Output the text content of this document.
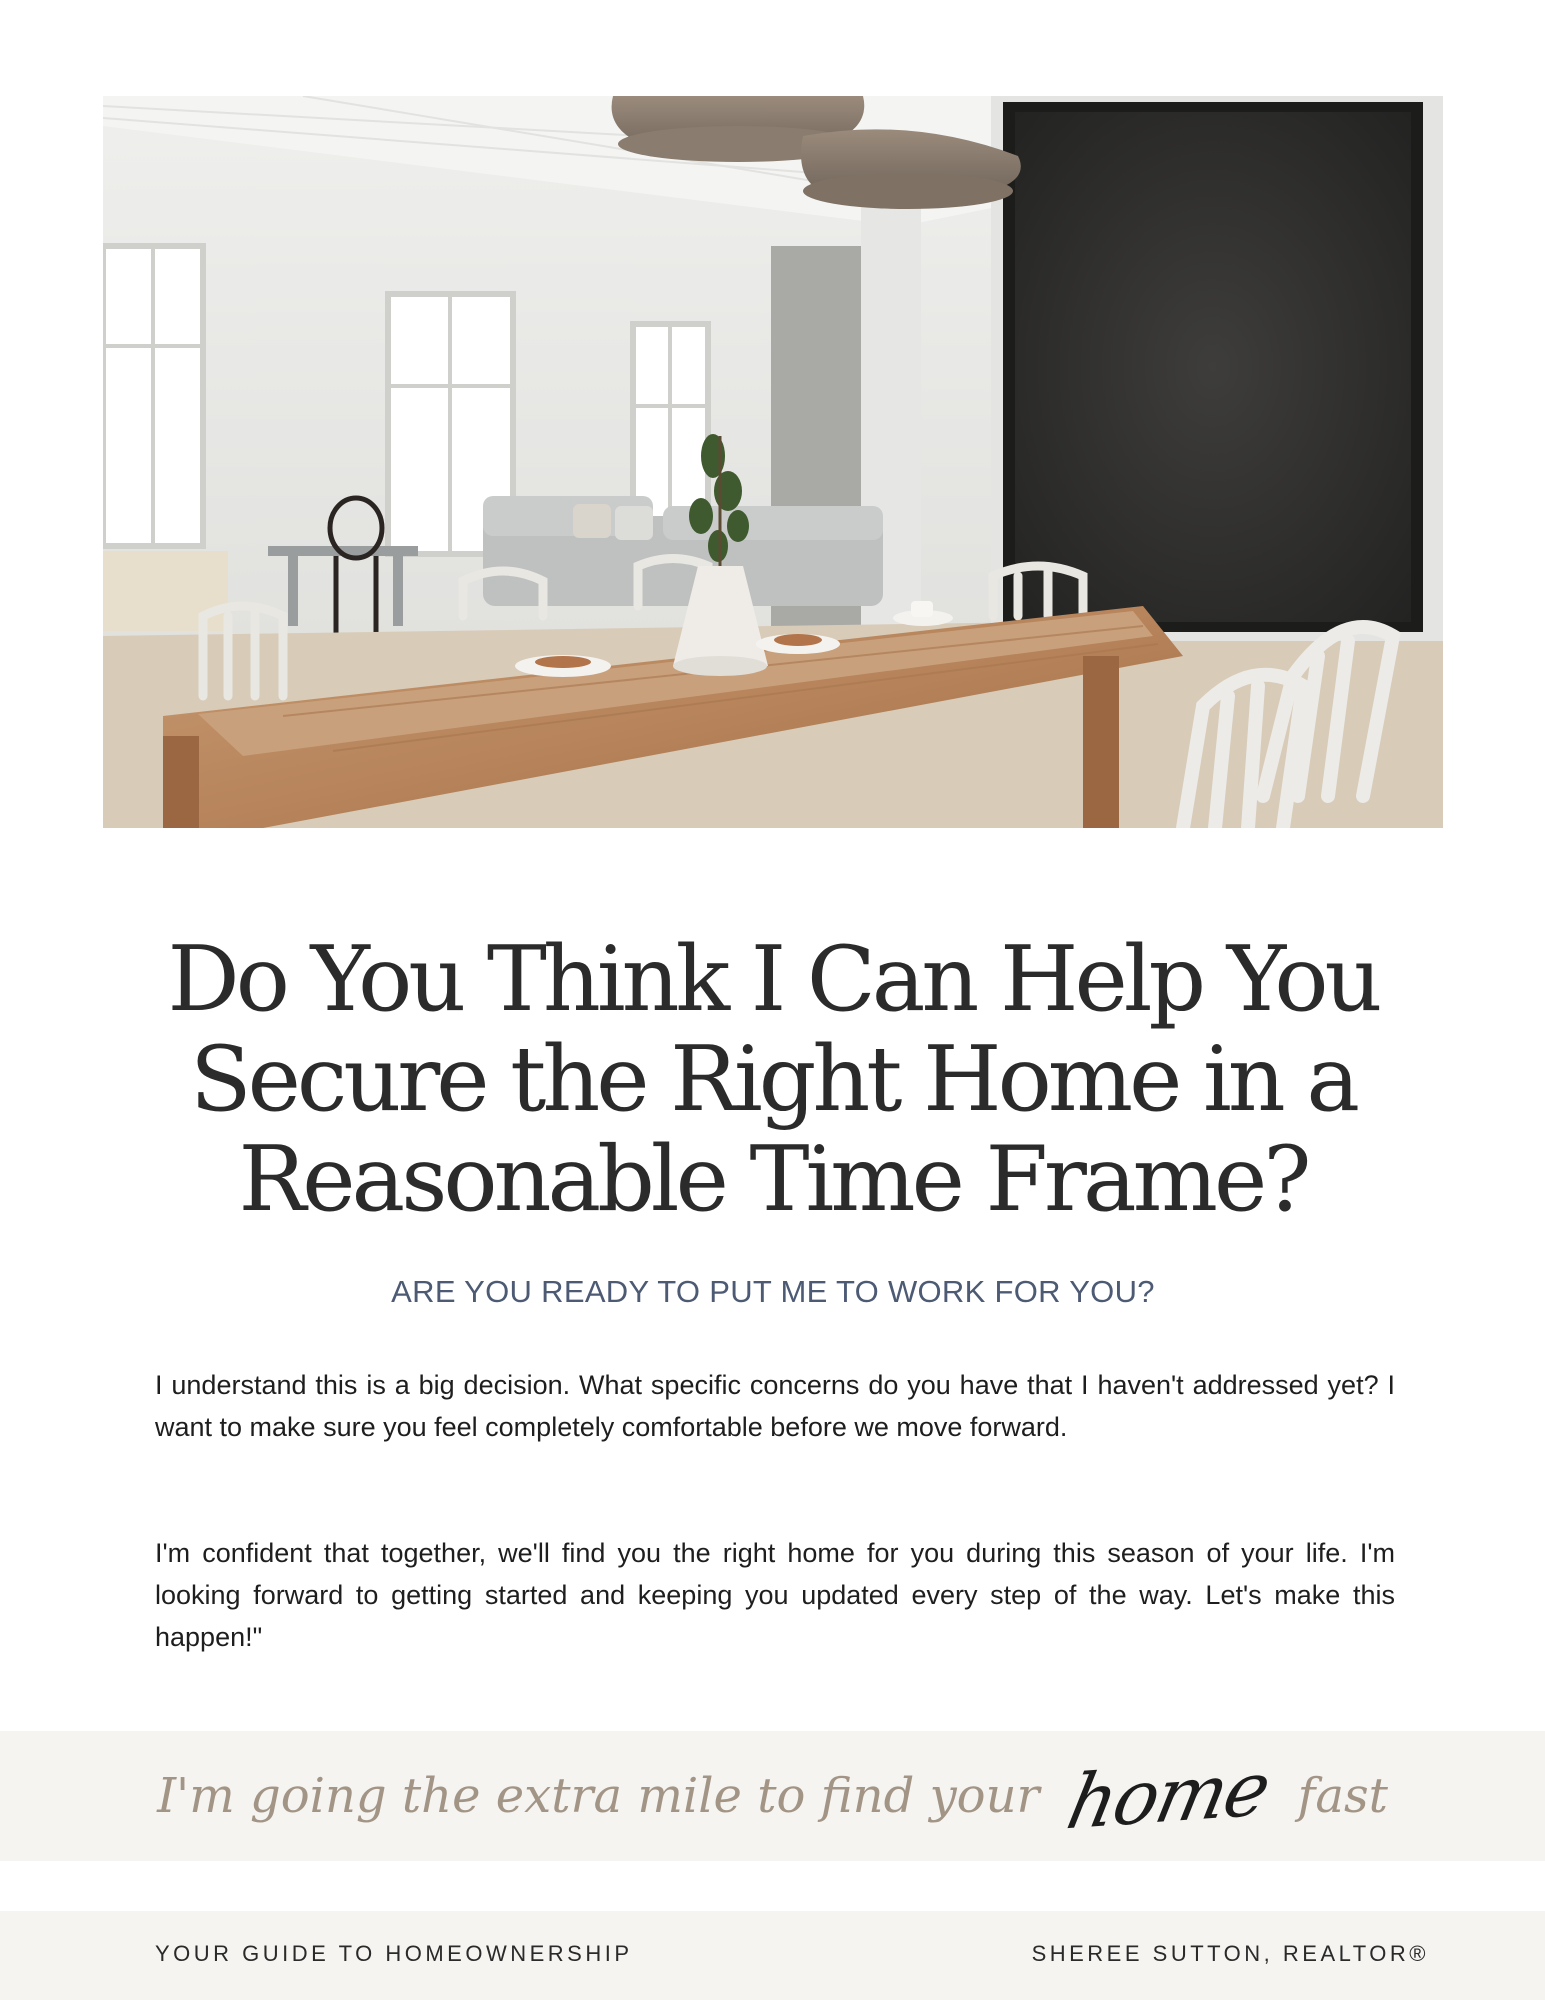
Do You Think I Can Help You
Secure the Right Home in a
Reasonable Time Frame?
ARE YOU READY TO PUT ME TO WORK FOR YOU?

I understand this is a big decision. What specific concerns do you have that I haven't addressed yet? I want to make sure you feel completely comfortable before we move forward.

I'm confident that together, we'll find you the right home for you during this season of your life. I'm looking forward to getting started and keeping you updated every step of the way. Let's make this happen!"

I'm going the extra mile to find your home fast
YOUR GUIDE TO HOMEOWNERSHIP	SHEREE SUTTON, REALTOR®
